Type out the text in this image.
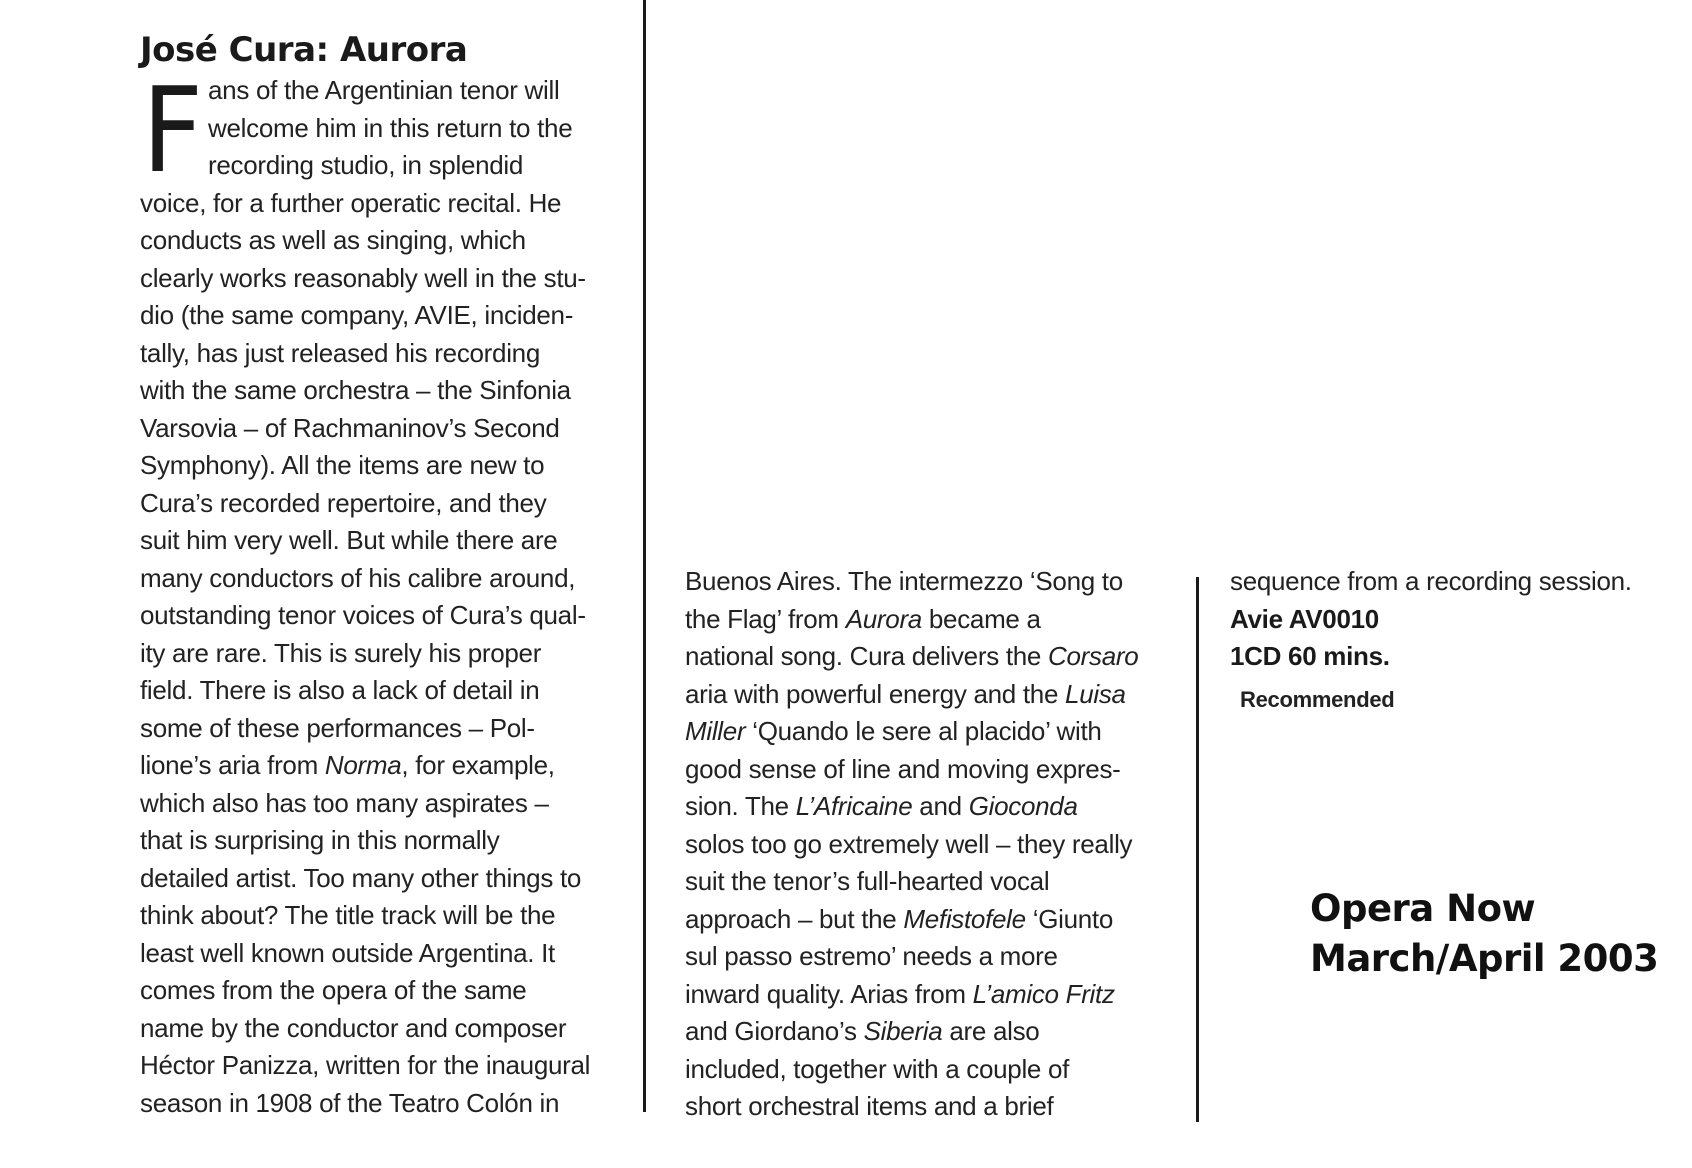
José Cura: Aurora
F ans of the Argentinian tenor will
welcome him in this return to the
recording studio, in splendid
voice, for a further operatic recital. He
conducts as well as singing, which
clearly works reasonably well in the stu-
dio (the same company, AVIE, inciden-
tally, has just released his recording
with the same orchestra – the Sinfonia
Varsovia – of Rachmaninov’s Second
Symphony). All the items are new to
Cura’s recorded repertoire, and they
suit him very well. But while there are
many conductors of his calibre around,
outstanding tenor voices of Cura’s qual-
ity are rare. This is surely his proper
field. There is also a lack of detail in
some of these performances – Pol-
lione’s aria from Norma, for example,
which also has too many aspirates –
that is surprising in this normally
detailed artist. Too many other things to
think about? The title track will be the
least well known outside Argentina. It
comes from the opera of the same
name by the conductor and composer
Héctor Panizza, written for the inaugural
season in 1908 of the Teatro Colón in
Buenos Aires. The intermezzo ‘Song to
the Flag’ from Aurora became a
national song. Cura delivers the Corsaro
aria with powerful energy and the Luisa
Miller ‘Quando le sere al placido’ with
good sense of line and moving expres-
sion. The L’Africaine and Gioconda
solos too go extremely well – they really
suit the tenor’s full-hearted vocal
approach – but the Mefistofele ‘Giunto
sul passo estremo’ needs a more
inward quality. Arias from L’amico Fritz
and Giordano’s Siberia are also
included, together with a couple of
short orchestral items and a brief
sequence from a recording session.
Avie AV0010
1CD 60 mins.
Recommended
Opera Now
March/April 2003
